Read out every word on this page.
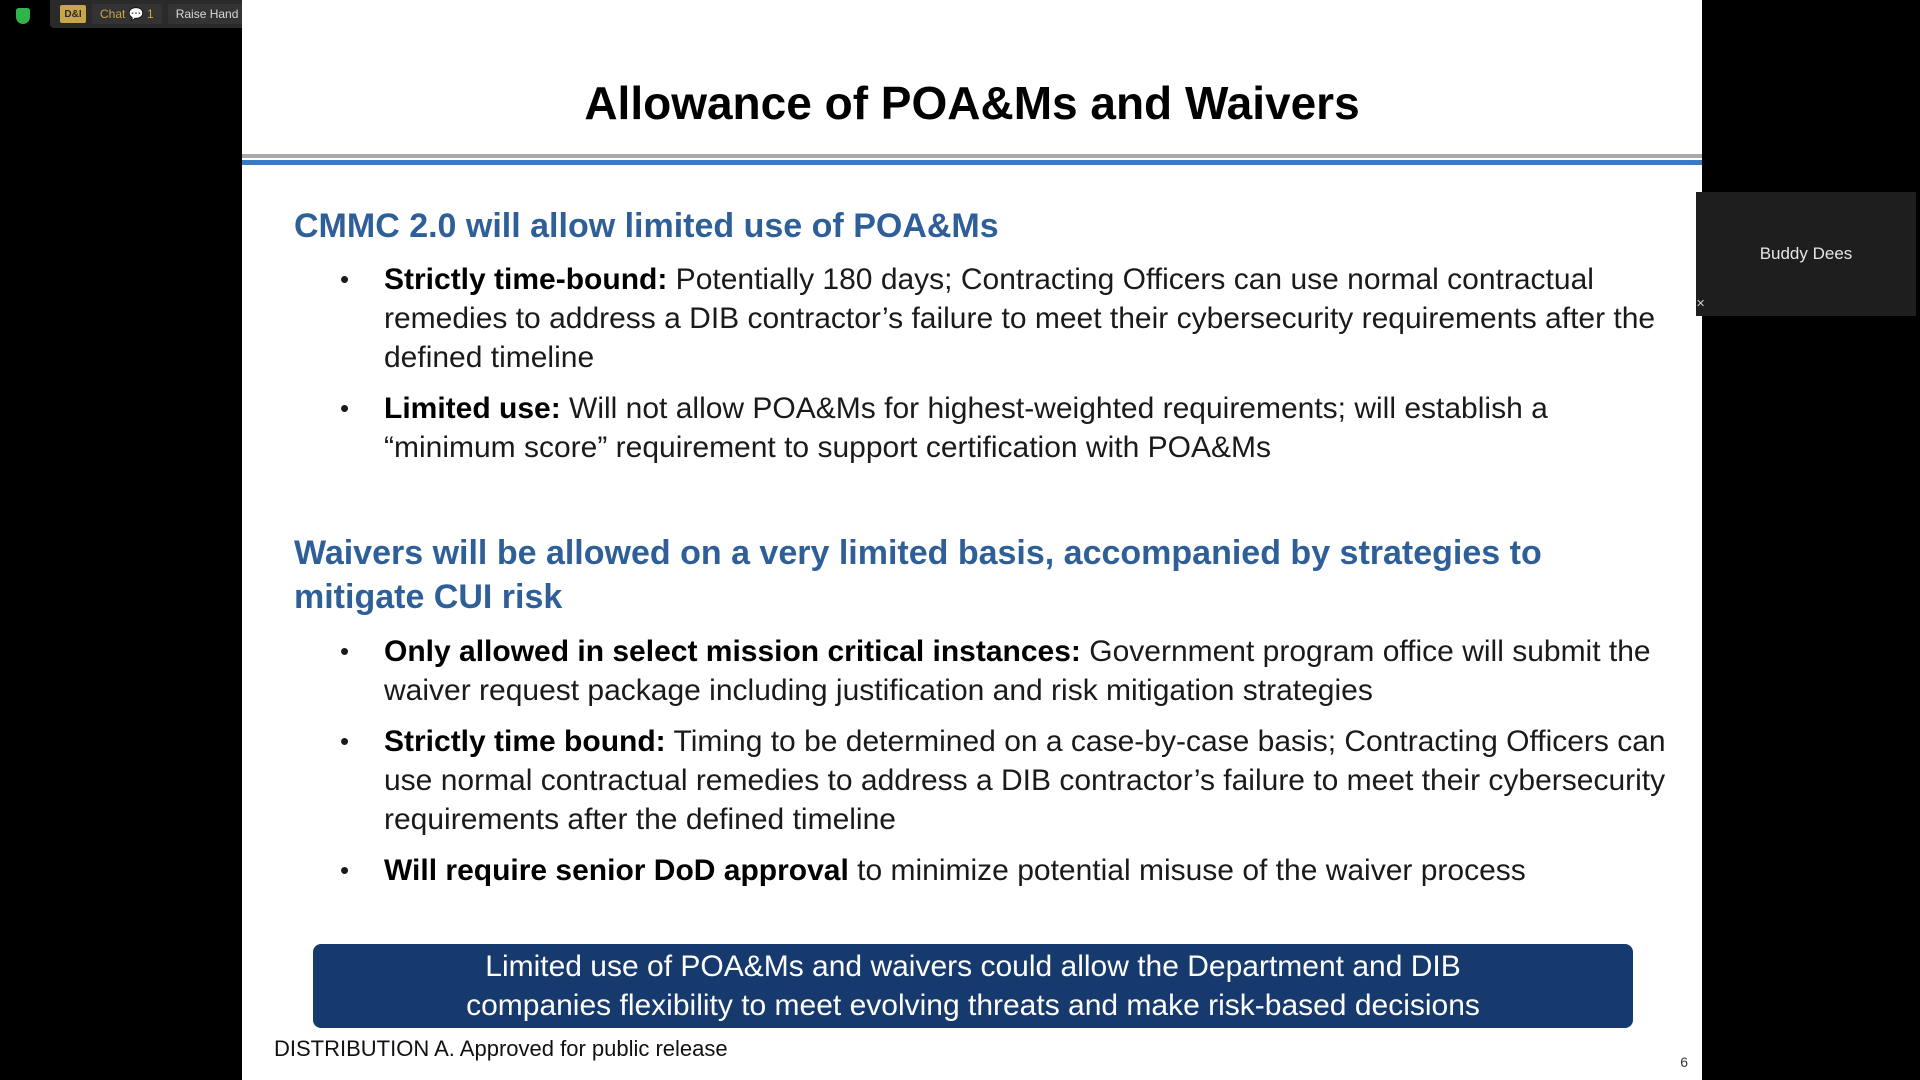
D&I	Chat 💬 1	Raise Hand
Allowance of POA&Ms and Waivers
CMMC 2.0 will allow limited use of POA&Ms
• Strictly time-bound: Potentially 180 days; Contracting Officers can use normal contractual remedies to address a DIB contractor’s failure to meet their cybersecurity requirements after the defined timeline
• Limited use: Will not allow POA&Ms for highest-weighted requirements; will establish a “minimum score” requirement to support certification with POA&Ms
Waivers will be allowed on a very limited basis, accompanied by strategies to mitigate CUI risk
• Only allowed in select mission critical instances: Government program office will submit the waiver request package including justification and risk mitigation strategies
• Strictly time bound: Timing to be determined on a case-by-case basis; Contracting Officers can use normal contractual remedies to address a DIB contractor’s failure to meet their cybersecurity requirements after the defined timeline
• Will require senior DoD approval to minimize potential misuse of the waiver process
Limited use of POA&Ms and waivers could allow the Department and DIB
companies flexibility to meet evolving threats and make risk-based decisions
DISTRIBUTION A. Approved for public release
6
Buddy Dees
✕
